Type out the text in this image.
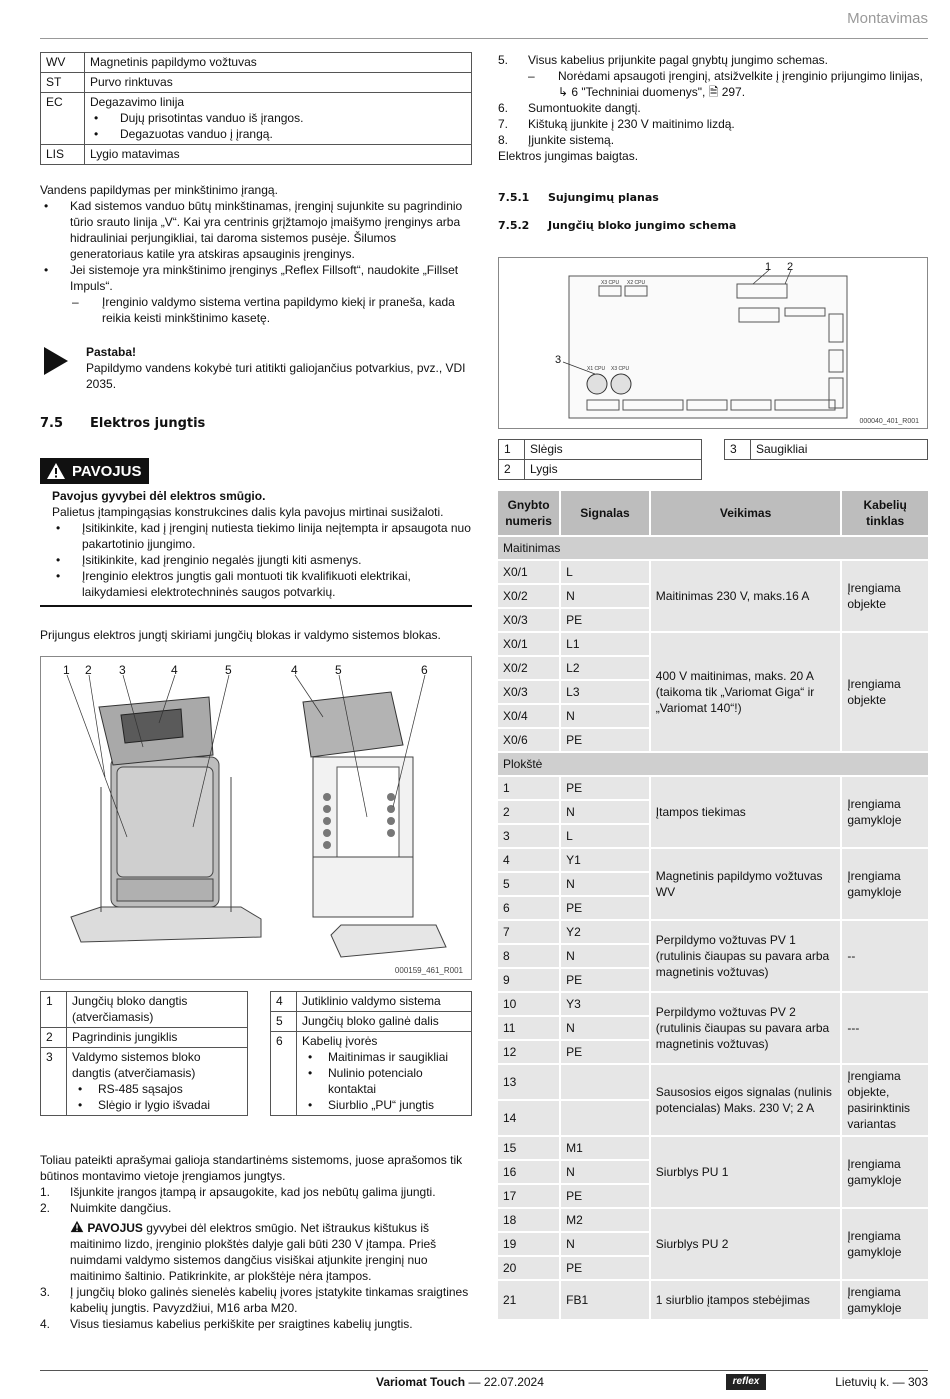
Montavimas
WV	Magnetinis papildymo vožtuvas

ST	Purvo rinktuvas

EC	Degazavimo linija
• Dujų prisotintas vanduo iš įrangos.
• Degazuotas vanduo į įrangą.

LIS	Lygio matavimas
Vandens papildymas per minkštinimo įrangą.
• Kad sistemos vanduo būtų minkštinamas, įrenginį sujunkite su pagrindinio tūrio srauto linija „V“. Kai yra centrinis grįžtamojo įmaišymo įrenginys arba hidrauliniai perjungikliai, tai daroma sistemos pusėje. Šilumos generatoriaus katile yra atskiras apsauginis įrenginys.
• Jei sistemoje yra minkštinimo įrenginys „Reflex Fillsoft“, naudokite „Fillset Impuls“.
– Įrenginio valdymo sistema vertina papildymo kiekį ir praneša, kada reikia keisti minkštinimo kasetę.
Pastaba!
Papildymo vandens kokybė turi atitikti galiojančius potvarkius, pvz., VDI 2035.
7.5 Elektros jungtis
PAVOJUS
Pavojus gyvybei dėl elektros smūgio.
Palietus įtampingąsias konstrukcines dalis kyla pavojus mirtinai susižaloti.
• Įsitikinkite, kad į įrenginį nutiesta tiekimo linija neįtempta ir apsaugota nuo pakartotinio įjungimo.
• Įsitikinkite, kad įrenginio negalės įjungti kiti asmenys.
• Įrenginio elektros jungtis gali montuoti tik kvalifikuoti elektrikai, laikydamiesi elektrotechninės saugos potvarkių.
Prijungus elektros jungtį skiriami jungčių blokas ir valdymo sistemos blokas.
1 2 3	4	5	4	5	6
000159_461_R001
1	Jungčių bloko dangtis (atverčiamasis)

2	Pagrindinis jungiklis

3	Valdymo sistemos bloko dangtis (atverčiamasis)
• RS-485 sąsajos
• Slėgio ir lygio išvadai
4	Jutiklinio valdymo sistema

5	Jungčių bloko galinė dalis

6	Kabelių įvorės
• Maitinimas ir saugikliai
• Nulinio potencialo kontaktai
• Siurblio „PU“ jungtis
Toliau pateikti aprašymai galioja standartinėms sistemoms, juose aprašomos tik būtinos montavimo vietoje įrengiamos jungtys.
1. Išjunkite įrangos įtampą ir apsaugokite, kad jos nebūtų galima įjungti.
2. Nuimkite dangčius.
PAVOJUS gyvybei dėl elektros smūgio. Net ištraukus kištukus iš maitinimo lizdo, įrenginio plokštės dalyje gali būti 230 V įtampa. Prieš nuimdami valdymo sistemos dangčius visiškai atjunkite įrenginį nuo maitinimo šaltinio. Patikrinkite, ar plokštėje nėra įtampos.
3. Į jungčių bloko galinės sienelės kabelių įvores įstatykite tinkamas sraigtines kabelių jungtis. Pavyzdžiui, M16 arba M20.
4. Visus tiesiamus kabelius perkiškite per sraigtines kabelių jungtis.
5. Visus kabelius prijunkite pagal gnybtų jungimo schemas.
– Norėdami apsaugoti įrenginį, atsižvelkite į įrenginio prijungimo linijas,
↳ 6 "Techniniai duomenys", 🗎 297.
6. Sumontuokite dangtį.
7. Kištuką įjunkite į 230 V maitinimo lizdą.
8. Įjunkite sistemą.
Elektros jungimas baigtas.
7.5.1 Sujungimų planas
7.5.2 Jungčių bloko jungimo schema
X3 CPU X2 CPU
X1 CPU X3 CPU
1 2
3
000040_401_R001
1	Slėgis
2	Lygis
3	Saugikliai
Gnybto numeris	Signalas	Veikimas	Kabelių tinklas
Maitinimas			
X0/1	L	Maitinimas 230 V, maks.16 A	Įrengiama objekte
X0/2	N		
X0/3	PE		
X0/1	L1	400 V maitinimas, maks. 20 A (taikoma tik „Variomat Giga“ ir „Variomat 140“!)	Įrengiama objekte
X0/2	L2		
X0/3	L3		
X0/4	N		
X0/6	PE		
Plokštė			
1	PE	Įtampos tiekimas	Įrengiama gamykloje
2	N		
3	L		
4	Y1	Magnetinis papildymo vožtuvas WV	Įrengiama gamykloje
5	N		
6	PE		
7	Y2	Perpildymo vožtuvas PV 1 (rutulinis čiaupas su pavara arba magnetinis vožtuvas)	--
8	N		
9	PE		
10	Y3	Perpildymo vožtuvas PV 2 (rutulinis čiaupas su pavara arba magnetinis vožtuvas)	---
11	N		
12	PE		
13		Sausosios eigos signalas (nulinis potencialas) Maks. 230 V; 2 A	Įrengiama objekte, pasirinktinis variantas
14			
15	M1	Siurblys PU 1	Įrengiama gamykloje
16	N		
17	PE		
18	M2	Siurblys PU 2	Įrengiama gamykloje
19	N		
20	PE		
21	FB1	1 siurblio įtampos stebėjimas	Įrengiama gamykloje
Variomat Touch — 22.07.2024	reflex	Lietuvių k. — 303
